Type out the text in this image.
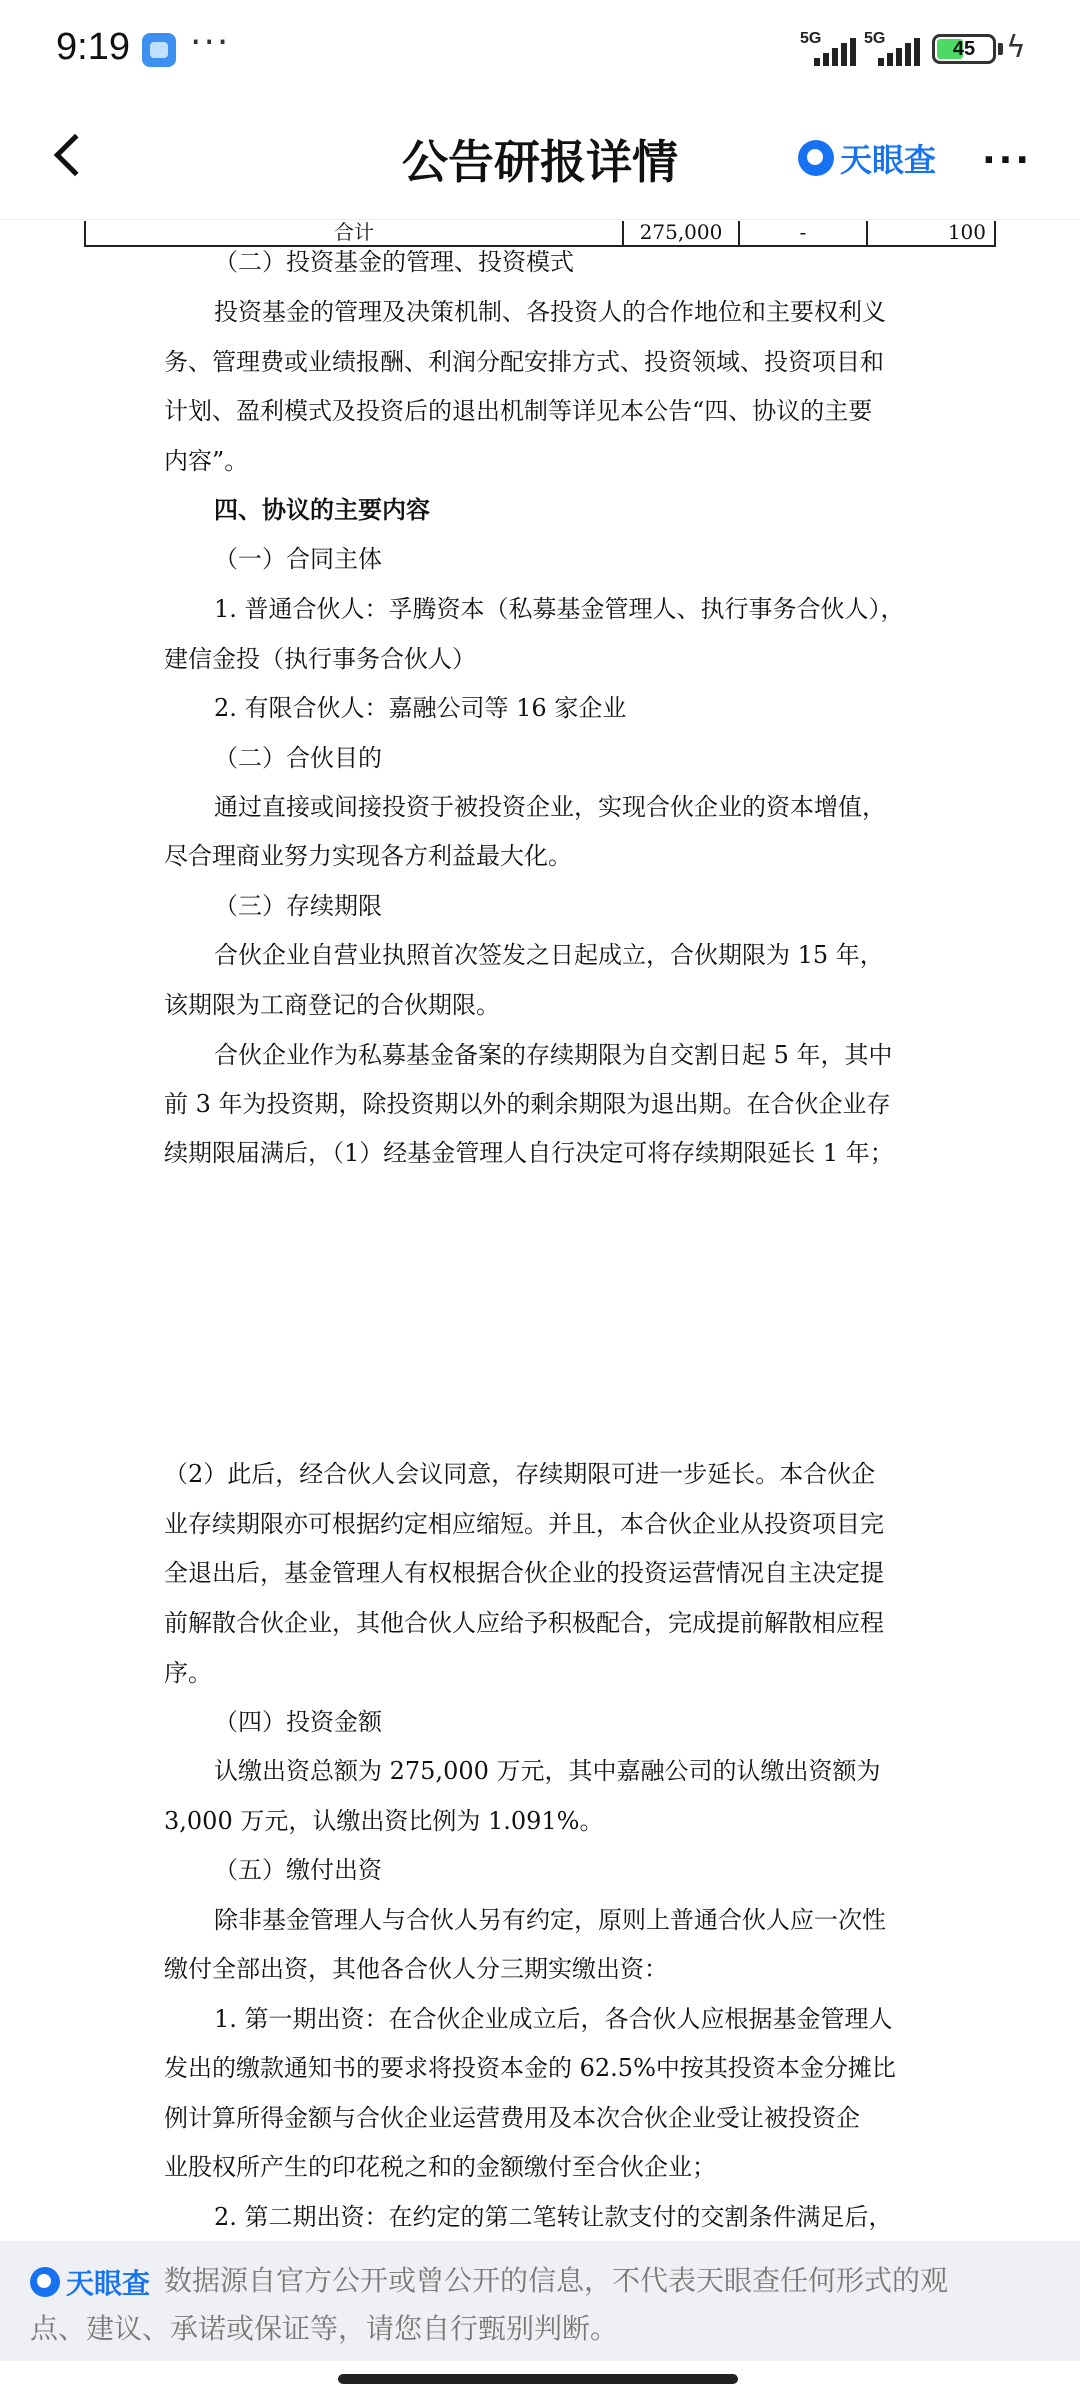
9:19 ···	5G	5G	45	ϟ
公告研报详情	天眼查 ···
合计	275,000	-	100
（二）投资基金的管理、投资模式
投资基金的管理及决策机制、各投资人的合作地位和主要权利义
务、管理费或业绩报酬、利润分配安排方式、投资领域、投资项目和
计划、盈利模式及投资后的退出机制等详见本公告“四、协议的主要
内容”。
四、协议的主要内容
（一）合同主体
1. 普通合伙人：孚腾资本（私募基金管理人、执行事务合伙人），
建信金投（执行事务合伙人）
2. 有限合伙人：嘉融公司等 16 家企业
（二）合伙目的
通过直接或间接投资于被投资企业，实现合伙企业的资本增值，
尽合理商业努力实现各方利益最大化。
（三）存续期限
合伙企业自营业执照首次签发之日起成立，合伙期限为 15 年，
该期限为工商登记的合伙期限。
合伙企业作为私募基金备案的存续期限为自交割日起 5 年，其中
前 3 年为投资期，除投资期以外的剩余期限为退出期。在合伙企业存
续期限届满后，（1）经基金管理人自行决定可将存续期限延长 1 年；
（2）此后，经合伙人会议同意，存续期限可进一步延长。本合伙企
业存续期限亦可根据约定相应缩短。并且，本合伙企业从投资项目完
全退出后，基金管理人有权根据合伙企业的投资运营情况自主决定提
前解散合伙企业，其他合伙人应给予积极配合，完成提前解散相应程
序。
（四）投资金额
认缴出资总额为 275,000 万元，其中嘉融公司的认缴出资额为
3,000 万元，认缴出资比例为 1.091%。
（五）缴付出资
除非基金管理人与合伙人另有约定，原则上普通合伙人应一次性
缴付全部出资，其他各合伙人分三期实缴出资：
1. 第一期出资：在合伙企业成立后，各合伙人应根据基金管理人
发出的缴款通知书的要求将投资本金的 62.5%中按其投资本金分摊比
例计算所得金额与合伙企业运营费用及本次合伙企业受让被投资企
业股权所产生的印花税之和的金额缴付至合伙企业；
2. 第二期出资：在约定的第二笔转让款支付的交割条件满足后，
天眼查 数据源自官方公开或曾公开的信息，不代表天眼查任何形式的观
点、建议、承诺或保证等，请您自行甄别判断。
